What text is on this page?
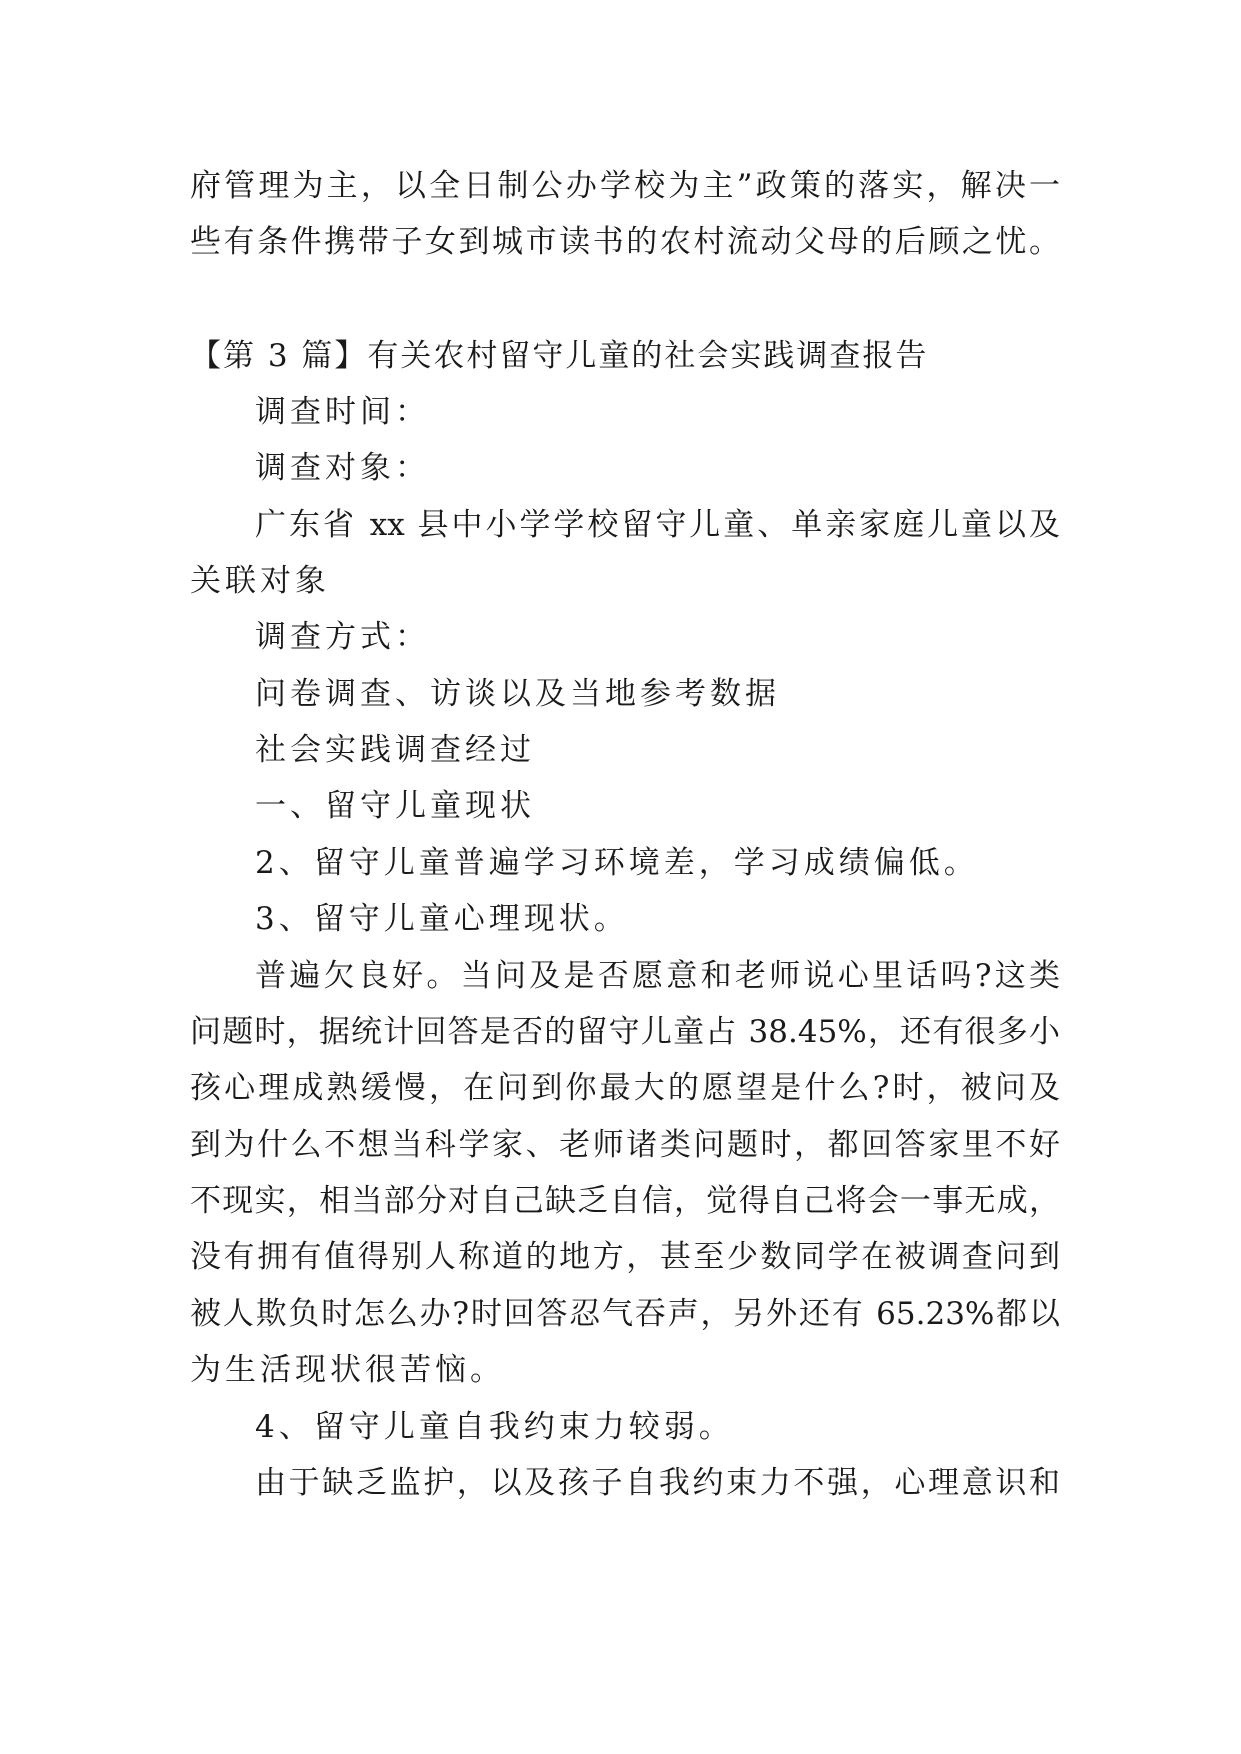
府管理为主，以全日制公办学校为主”政策的落实，解决一
些有条件携带子女到城市读书的农村流动父母的后顾之忧。
【第 3 篇】有关农村留守儿童的社会实践调查报告
调查时间：
调查对象：
广东省 xx 县中小学学校留守儿童、单亲家庭儿童以及
关联对象
调查方式：
问卷调查、访谈以及当地参考数据
社会实践调查经过
一、留守儿童现状
2、留守儿童普遍学习环境差，学习成绩偏低。
3、留守儿童心理现状。
普遍欠良好。当问及是否愿意和老师说心里话吗?这类
问题时，据统计回答是否的留守儿童占 38.45%，还有很多小
孩心理成熟缓慢，在问到你最大的愿望是什么?时，被问及
到为什么不想当科学家、老师诸类问题时，都回答家里不好
不现实，相当部分对自己缺乏自信，觉得自己将会一事无成，
没有拥有值得别人称道的地方，甚至少数同学在被调查问到
被人欺负时怎么办?时回答忍气吞声，另外还有 65.23%都以
为生活现状很苦恼。
4、留守儿童自我约束力较弱。
由于缺乏监护，以及孩子自我约束力不强，心理意识和
